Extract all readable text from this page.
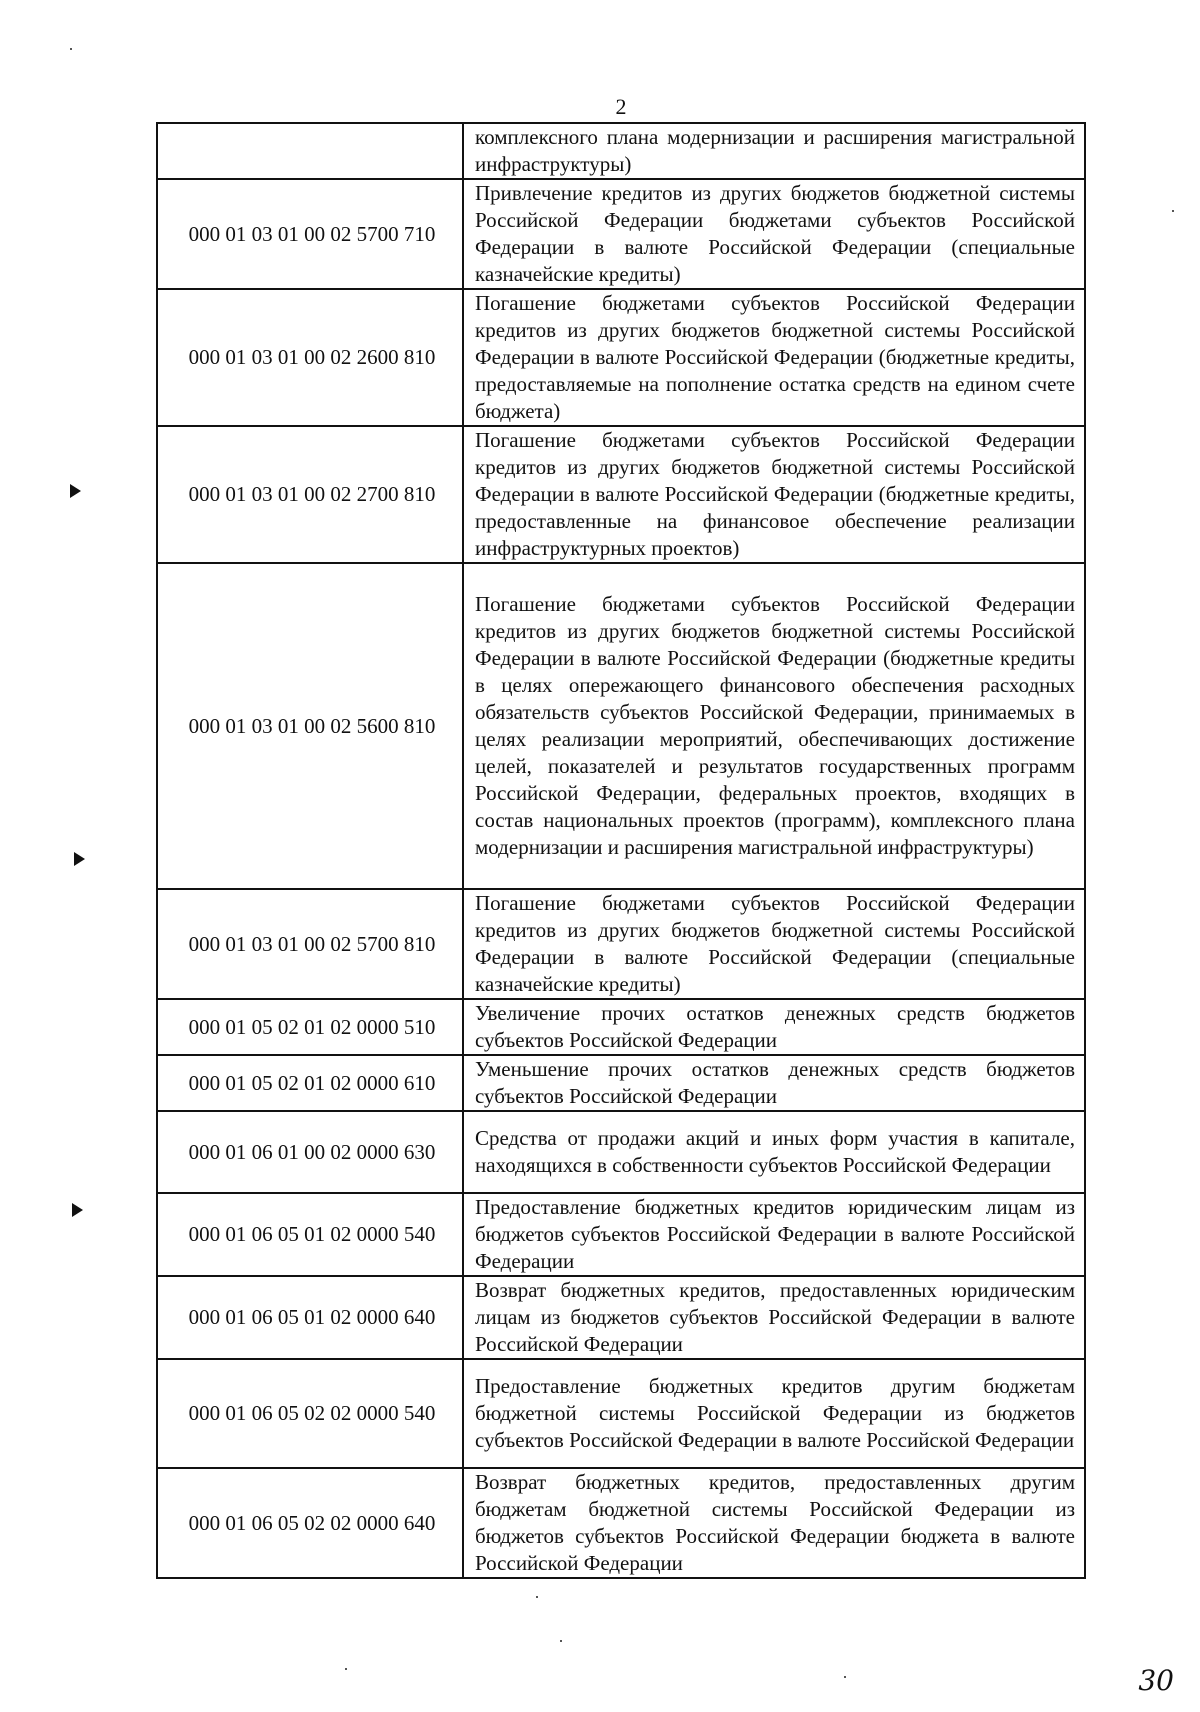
2
	комплексного плана модернизации и расширения магистральной инфраструктуры)
000 01 03 01 00 02 5700 710	Привлечение кредитов из других бюджетов бюджетной системы Российской Федерации бюджетами субъектов Российской Федерации в валюте Российской Федерации (специальные казначейские кредиты)
000 01 03 01 00 02 2600 810	Погашение бюджетами субъектов Российской Федерации кредитов из других бюджетов бюджетной системы Российской Федерации в валюте Российской Федерации (бюджетные кредиты, предоставляемые на пополнение остатка средств на едином счете бюджета)
000 01 03 01 00 02 2700 810	Погашение бюджетами субъектов Российской Федерации кредитов из других бюджетов бюджетной системы Российской Федерации в валюте Российской Федерации (бюджетные кредиты, предоставленные на финансовое обеспечение реализации инфраструктурных проектов)
000 01 03 01 00 02 5600 810	Погашение бюджетами субъектов Российской Федерации кредитов из других бюджетов бюджетной системы Российской Федерации в валюте Российской Федерации (бюджетные кредиты в целях опережающего финансового обеспечения расходных обязательств субъектов Российской Федерации, принимаемых в целях реализации мероприятий, обеспечивающих достижение целей, показателей и результатов государственных программ Российской Федерации, федеральных проектов, входящих в состав национальных проектов (программ), комплексного плана модернизации и расширения магистральной инфраструктуры)
000 01 03 01 00 02 5700 810	Погашение бюджетами субъектов Российской Федерации кредитов из других бюджетов бюджетной системы Российской Федерации в валюте Российской Федерации (специальные казначейские кредиты)
000 01 05 02 01 02 0000 510	Увеличение прочих остатков денежных средств бюджетов субъектов Российской Федерации
000 01 05 02 01 02 0000 610	Уменьшение прочих остатков денежных средств бюджетов субъектов Российской Федерации
000 01 06 01 00 02 0000 630	Средства от продажи акций и иных форм участия в капитале, находящихся в собственности субъектов Российской Федерации
000 01 06 05 01 02 0000 540	Предоставление бюджетных кредитов юридическим лицам из бюджетов субъектов Российской Федерации в валюте Российской Федерации
000 01 06 05 01 02 0000 640	Возврат бюджетных кредитов, предоставленных юридическим лицам из бюджетов субъектов Российской Федерации в валюте Российской Федерации
000 01 06 05 02 02 0000 540	Предоставление бюджетных кредитов другим бюджетам бюджетной системы Российской Федерации из бюджетов субъектов Российской Федерации в валюте Российской Федерации
000 01 06 05 02 02 0000 640	Возврат бюджетных кредитов, предоставленных другим бюджетам бюджетной системы Российской Федерации из бюджетов субъектов Российской Федерации бюджета в валюте Российской Федерации
30
